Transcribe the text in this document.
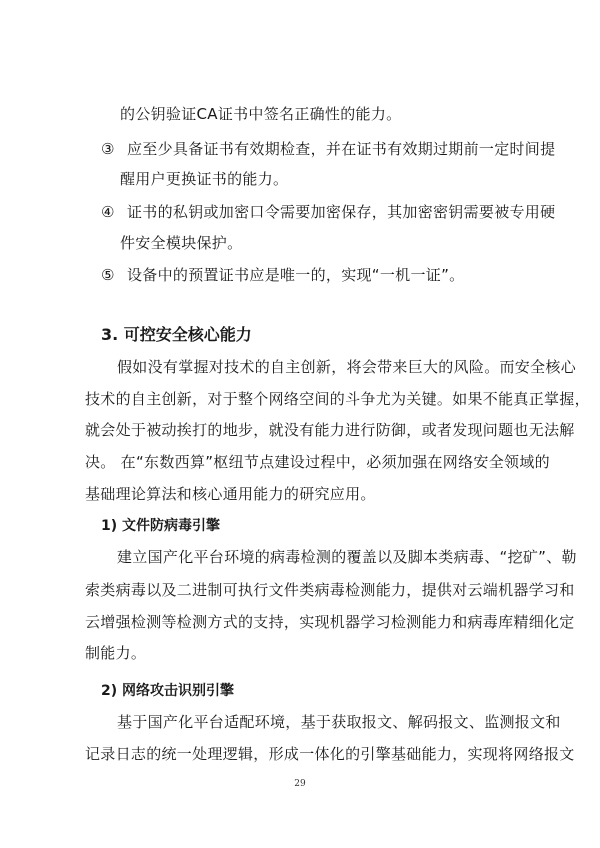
的公钥验证CA证书中签名正确性的能力。
③ 应至少具备证书有效期检查，并在证书有效期过期前一定时间提
醒用户更换证书的能力。
④ 证书的私钥或加密口令需要加密保存，其加密密钥需要被专用硬
件安全模块保护。
⑤ 设备中的预置证书应是唯一的，实现“一机一证”。
3. 可控安全核心能力
假如没有掌握对技术的自主创新，将会带来巨大的风险。而安全核心
技术的自主创新，对于整个网络空间的斗争尤为关键。如果不能真正掌握，
就会处于被动挨打的地步，就没有能力进行防御，或者发现问题也无法解
决。 在“东数西算”枢纽节点建设过程中，必须加强在网络安全领域的
基础理论算法和核心通用能力的研究应用。
1) 文件防病毒引擎
建立国产化平台环境的病毒检测的覆盖以及脚本类病毒、“挖矿”、勒
索类病毒以及二进制可执行文件类病毒检测能力，提供对云端机器学习和
云增强检测等检测方式的支持，实现机器学习检测能力和病毒库精细化定
制能力。
2) 网络攻击识别引擎
基于国产化平台适配环境，基于获取报文、解码报文、监测报文和
记录日志的统一处理逻辑，形成一体化的引擎基础能力，实现将网络报文
29
